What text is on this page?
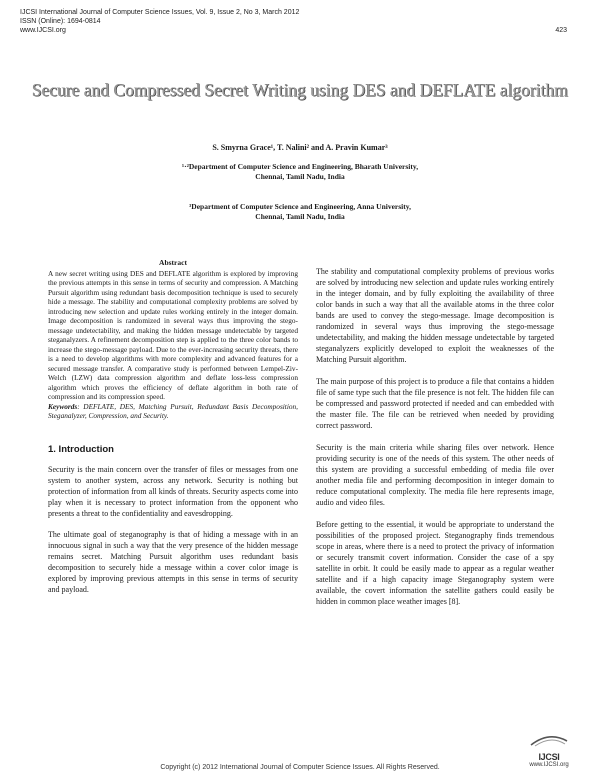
IJCSI International Journal of Computer Science Issues, Vol. 9, Issue 2, No 3, March 2012
ISSN (Online): 1694-0814
www.IJCSI.org	423
Secure and Compressed Secret Writing using DES and DEFLATE algorithm
S. Smyrna Grace¹, T. Nalini² and A. Pravin Kumar³
¹·²Department of Computer Science and Engineering, Bharath University,
Chennai, Tamil Nadu, India
³Department of Computer Science and Engineering, Anna University,
Chennai, Tamil Nadu, India
Abstract

A new secret writing using DES and DEFLATE algorithm is explored by improving the previous attempts in this sense in terms of security and compression. A Matching Pursuit algorithm using redundant basis decomposition technique is used to securely hide a message. The stability and computational complexity problems are solved by introducing new selection and update rules working entirely in the integer domain. Image decomposition is randomized in several ways thus improving the stego-message undetectability, and making the hidden message undetectable by targeted steganalyzers. A refinement decomposition step is applied to the three color bands to increase the stego-message payload. Due to the ever-increasing security threats, there is a need to develop algorithms with more complexity and advanced features for a secured message transfer. A comparative study is performed between Lempel-Ziv-Welch (LZW) data compression algorithm and deflate loss-less compression algorithm which proves the efficiency of deflate algorithm in both rate of compression and its compression speed.

Keywords: DEFLATE, DES, Matching Pursuit, Redundant Basis Decomposition, Steganalyzer, Compression, and Security.

1. Introduction

Security is the main concern over the transfer of files or messages from one system to another system, across any network. Security is nothing but protection of information from all kinds of threats. Security aspects come into play when it is necessary to protect information from the opponent who presents a threat to the confidentiality and eavesdropping.

The ultimate goal of steganography is that of hiding a message with in an innocuous signal in such a way that the very presence of the hidden message remains secret. Matching Pursuit algorithm uses redundant basis decomposition to securely hide a message within a cover color image is explored by improving previous attempts in this sense in terms of security and payload.

The stability and computational complexity problems of previous works are solved by introducing new selection and update rules working entirely in the integer domain, and by fully exploiting the availability of three color bands in such a way that all the available atoms in the three color bands are used to convey the stego-message. Image decomposition is randomized in several ways thus improving the stego-message undetectability, and making the hidden message undetectable by targeted steganalyzers explicitly developed to exploit the weaknesses of the Matching Pursuit algorithm.

The main purpose of this project is to produce a file that contains a hidden file of same type such that the file presence is not felt. The hidden file can be compressed and password protected if needed and can embedded with the master file. The file can be retrieved when needed by providing correct password.

Security is the main criteria while sharing files over network. Hence providing security is one of the needs of this system. The other needs of this system are providing a successful embedding of media file over another media file and performing decomposition in integer domain to reduce computational complexity. The media file here represents image, audio and video files.

Before getting to the essential, it would be appropriate to understand the possibilities of the proposed project. Steganography finds tremendous scope in areas, where there is a need to protect the privacy of information or securely transmit covert information. Consider the case of a spy satellite in orbit. It could be easily made to appear as a regular weather satellite and if a high capacity image Steganography system were available, the covert information the satellite gathers could easily be hidden in common place weather images [8].

Copyright (c) 2012 International Journal of Computer Science Issues. All Rights Reserved.
IJCSI
www.IJCSI.org
